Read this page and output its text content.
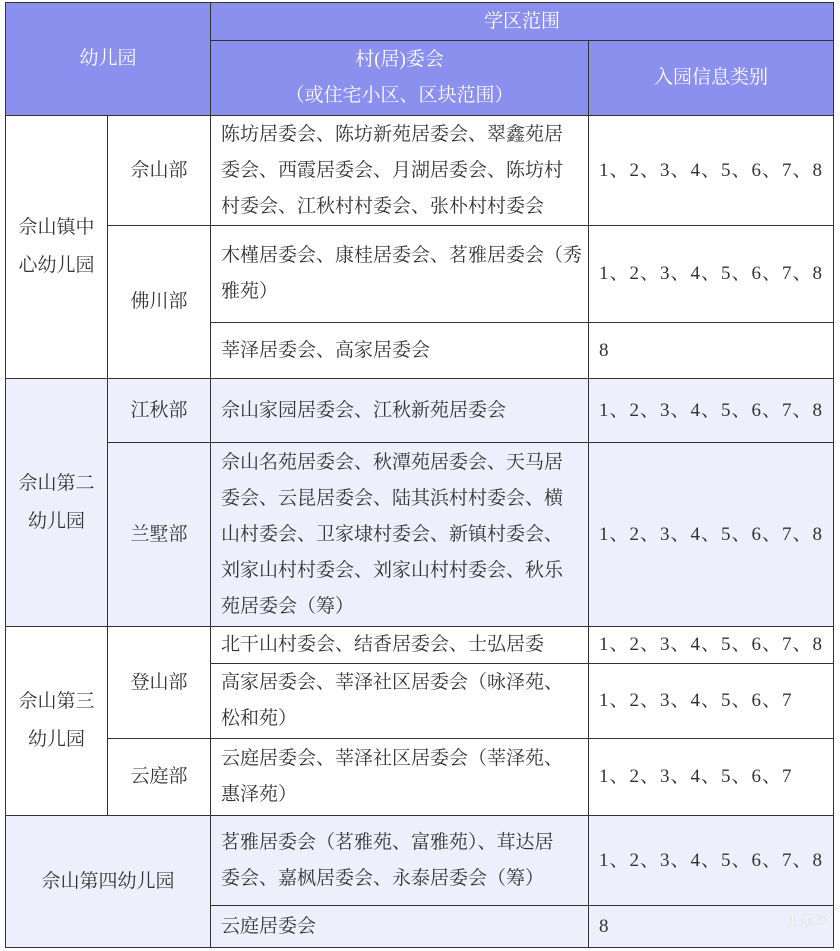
幼儿园		学区范围	

		村(居)委会
（或住宅小区、区块范围）	入园信息类别
佘山镇中心幼儿园	佘山部	陈坊居委会、陈坊新苑居委会、翠鑫苑居委会、西霞居委会、月湖居委会、陈坊村村委会、江秋村村委会、张朴村村委会	1、2、3、4、5、6、7、8
	佛川部	木槿居委会、康桂居委会、茗雅居委会（秀雅苑）	1、2、3、4、5、6、7、8

		莘泽居委会、高家居委会	8
佘山第二幼儿园	江秋部	佘山家园居委会、江秋新苑居委会	1、2、3、4、5、6、7、8
	兰墅部	佘山名苑居委会、秋潭苑居委会、天马居委会、云昆居委会、陆其浜村村委会、横山村委会、卫家埭村委会、新镇村委会、刘家山村村委会、刘家山村村委会、秋乐苑居委会（筹）	1、2、3、4、5、6、7、8
佘山第三幼儿园	登山部	北干山村委会、结香居委会、士弘居委	1、2、3、4、5、6、7、8

		高家居委会、莘泽社区居委会（咏泽苑、松和苑）	1、2、3、4、5、6、7
	云庭部	云庭居委会、莘泽社区居委会（莘泽苑、惠泽苑）	1、2、3、4、5、6、7
佘山第四幼儿园		茗雅居委会（茗雅苑、富雅苑）、茸达居委会、嘉枫居委会、永泰居委会（筹）	1、2、3、4、5、6、7、8

		云庭居委会	8	上顾学
